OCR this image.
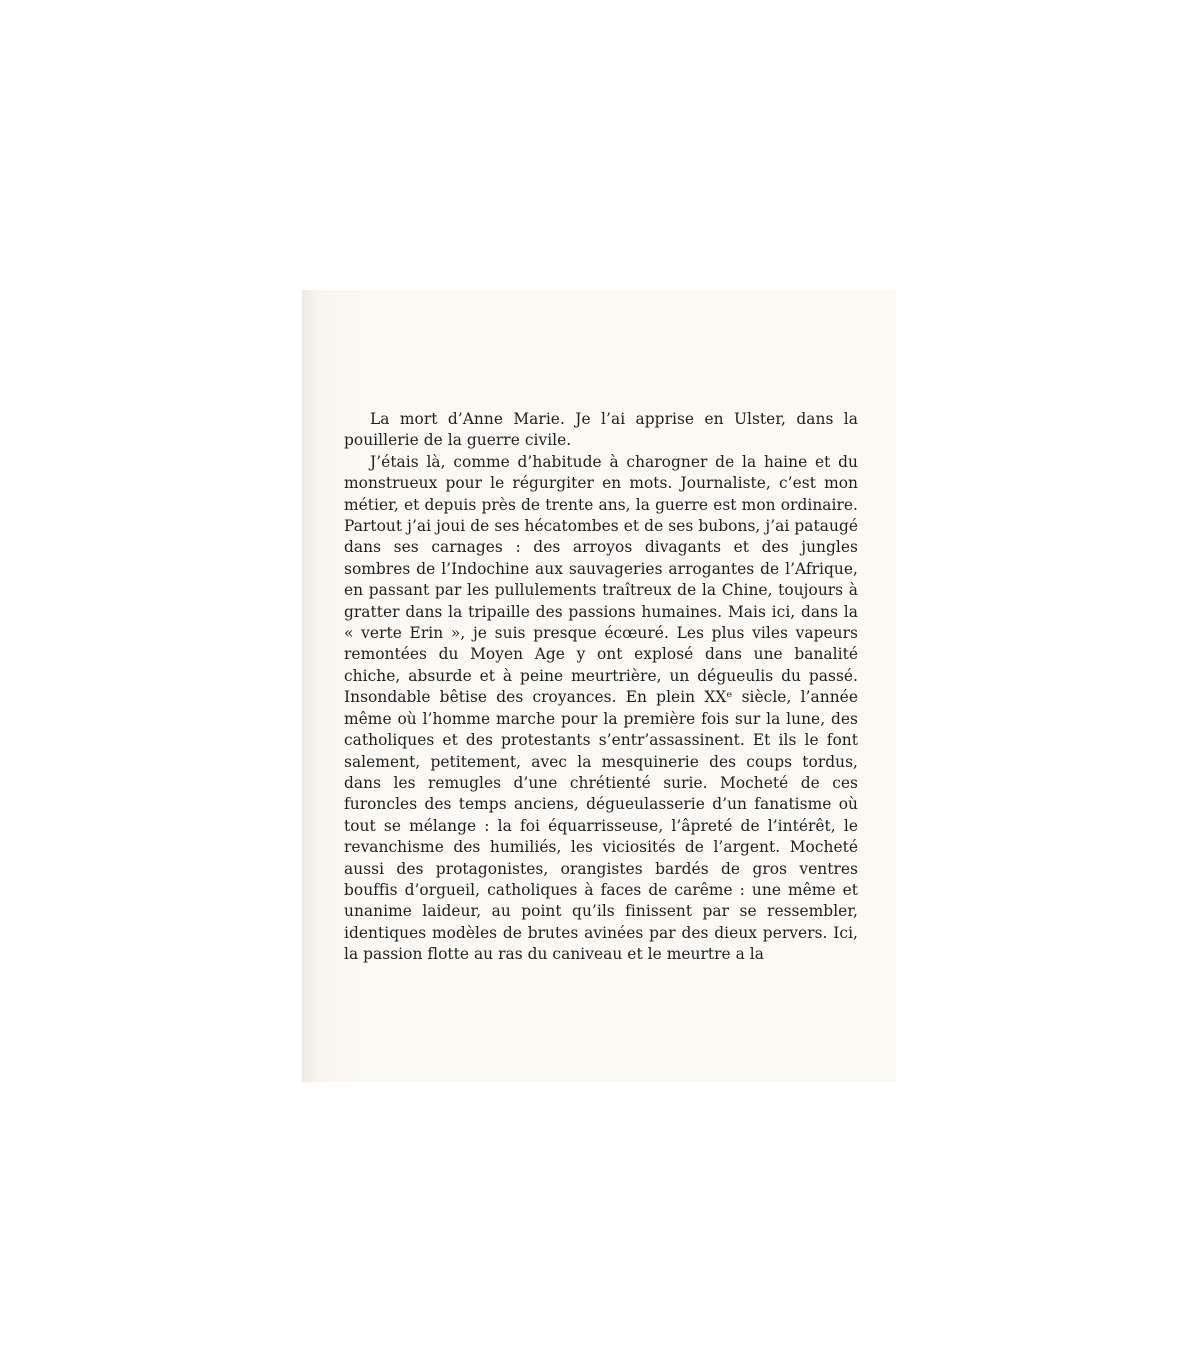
La mort d’Anne Marie. Je l’ai apprise en Ulster, dans la pouillerie de la guerre civile.

J’étais là, comme d’habitude à charogner de la haine et du monstrueux pour le régurgiter en mots. Journaliste, c’est mon métier, et depuis près de trente ans, la guerre est mon ordinaire. Partout j’ai joui de ses hécatombes et de ses bubons, j’ai pataugé dans ses carnages : des arroyos divagants et des jungles sombres de l’Indochine aux sauvageries arrogantes de l’Afrique, en passant par les pullulements traîtreux de la Chine, toujours à gratter dans la tripaille des passions humaines. Mais ici, dans la « verte Erin », je suis presque écœuré. Les plus viles vapeurs remontées du Moyen Age y ont explosé dans une banalité chiche, absurde et à peine meurtrière, un dégueulis du passé. Insondable bêtise des croyances. En plein XXᵉ siècle, l’année même où l’homme marche pour la première fois sur la lune, des catholiques et des protestants s’entr’assassinent. Et ils le font salement, petitement, avec la mesquinerie des coups tordus, dans les remugles d’une chrétienté surie. Mocheté de ces furoncles des temps anciens, dégueulasserie d’un fanatisme où tout se mélange : la foi équarrisseuse, l’âpreté de l’intérêt, le revanchisme des humiliés, les viciosités de l’argent. Mocheté aussi des protagonistes, orangistes bardés de gros ventres bouffis d’orgueil, catholiques à faces de carême : une même et unanime laideur, au point qu’ils finissent par se ressembler, identiques modèles de brutes avinées par des dieux pervers. Ici, la passion flotte au ras du caniveau et le meurtre a la
